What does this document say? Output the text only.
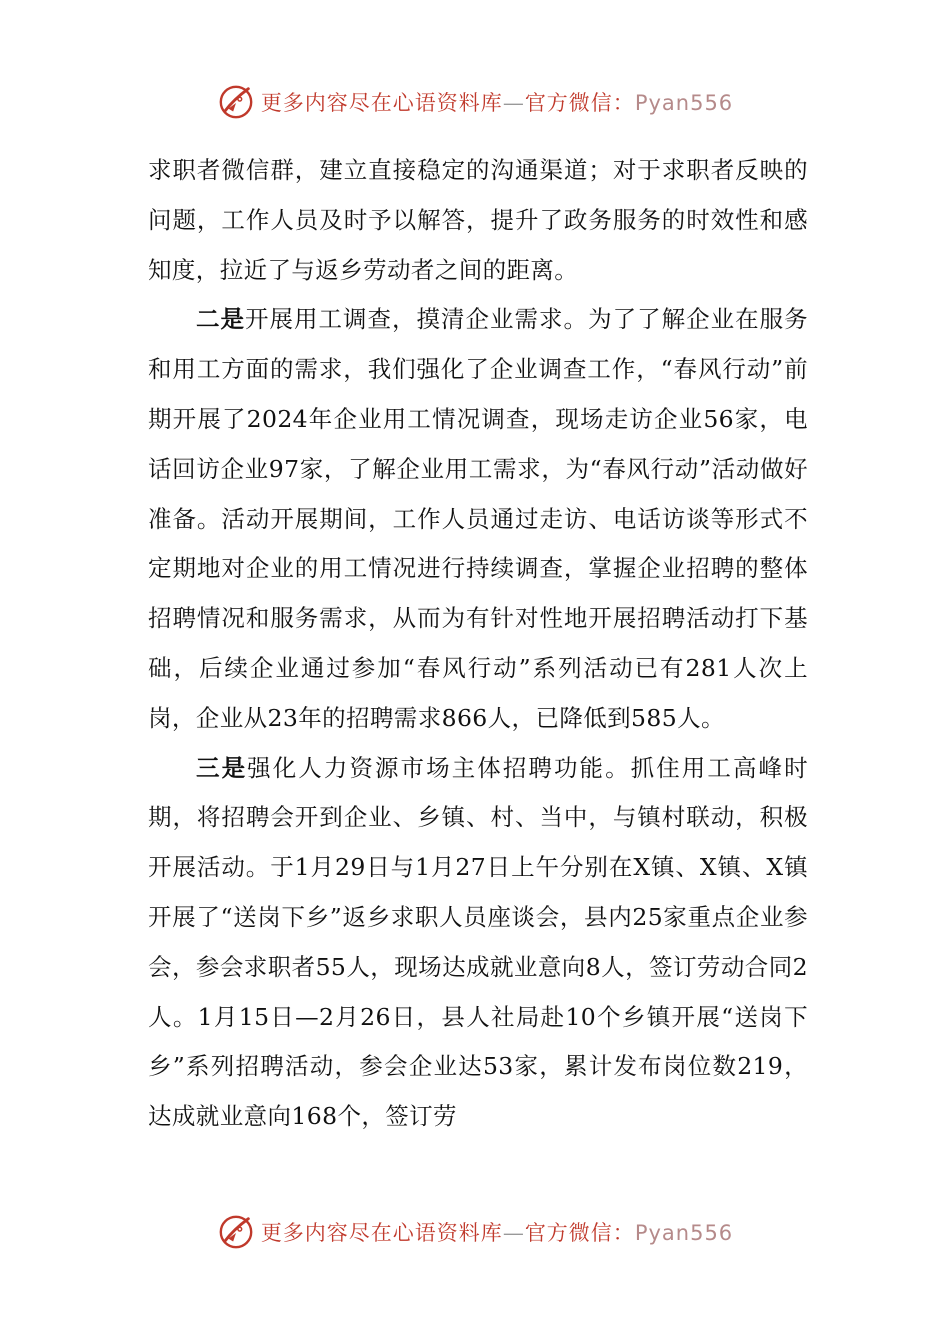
更多内容尽在心语资料库—官方微信：Pyan556

求职者微信群，建立直接稳定的沟通渠道；对于求职者反映的问题，工作人员及时予以解答，提升了政务服务的时效性和感知度，拉近了与返乡劳动者之间的距离。

二是开展用工调查，摸清企业需求。为了了解企业在服务和用工方面的需求，我们强化了企业调查工作，“春风行动”前期开展了2024年企业用工情况调查，现场走访企业56家，电话回访企业97家，了解企业用工需求，为“春风行动”活动做好准备。活动开展期间，工作人员通过走访、电话访谈等形式不定期地对企业的用工情况进行持续调查，掌握企业招聘的整体招聘情况和服务需求，从而为有针对性地开展招聘活动打下基础，后续企业通过参加“春风行动”系列活动已有281人次上岗，企业从23年的招聘需求866人，已降低到585人。

三是强化人力资源市场主体招聘功能。抓住用工高峰时期，将招聘会开到企业、乡镇、村、当中，与镇村联动，积极开展活动。于1月29日与1月27日上午分别在X镇、X镇、X镇开展了“送岗下乡”返乡求职人员座谈会，县内25家重点企业参会，参会求职者55人，现场达成就业意向8人，签订劳动合同2人。1月15日—2月26日，县人社局赴10个乡镇开展“送岗下乡”系列招聘活动，参会企业达53家，累计发布岗位数219，达成就业意向168个，签订劳

更多内容尽在心语资料库—官方微信：Pyan556
